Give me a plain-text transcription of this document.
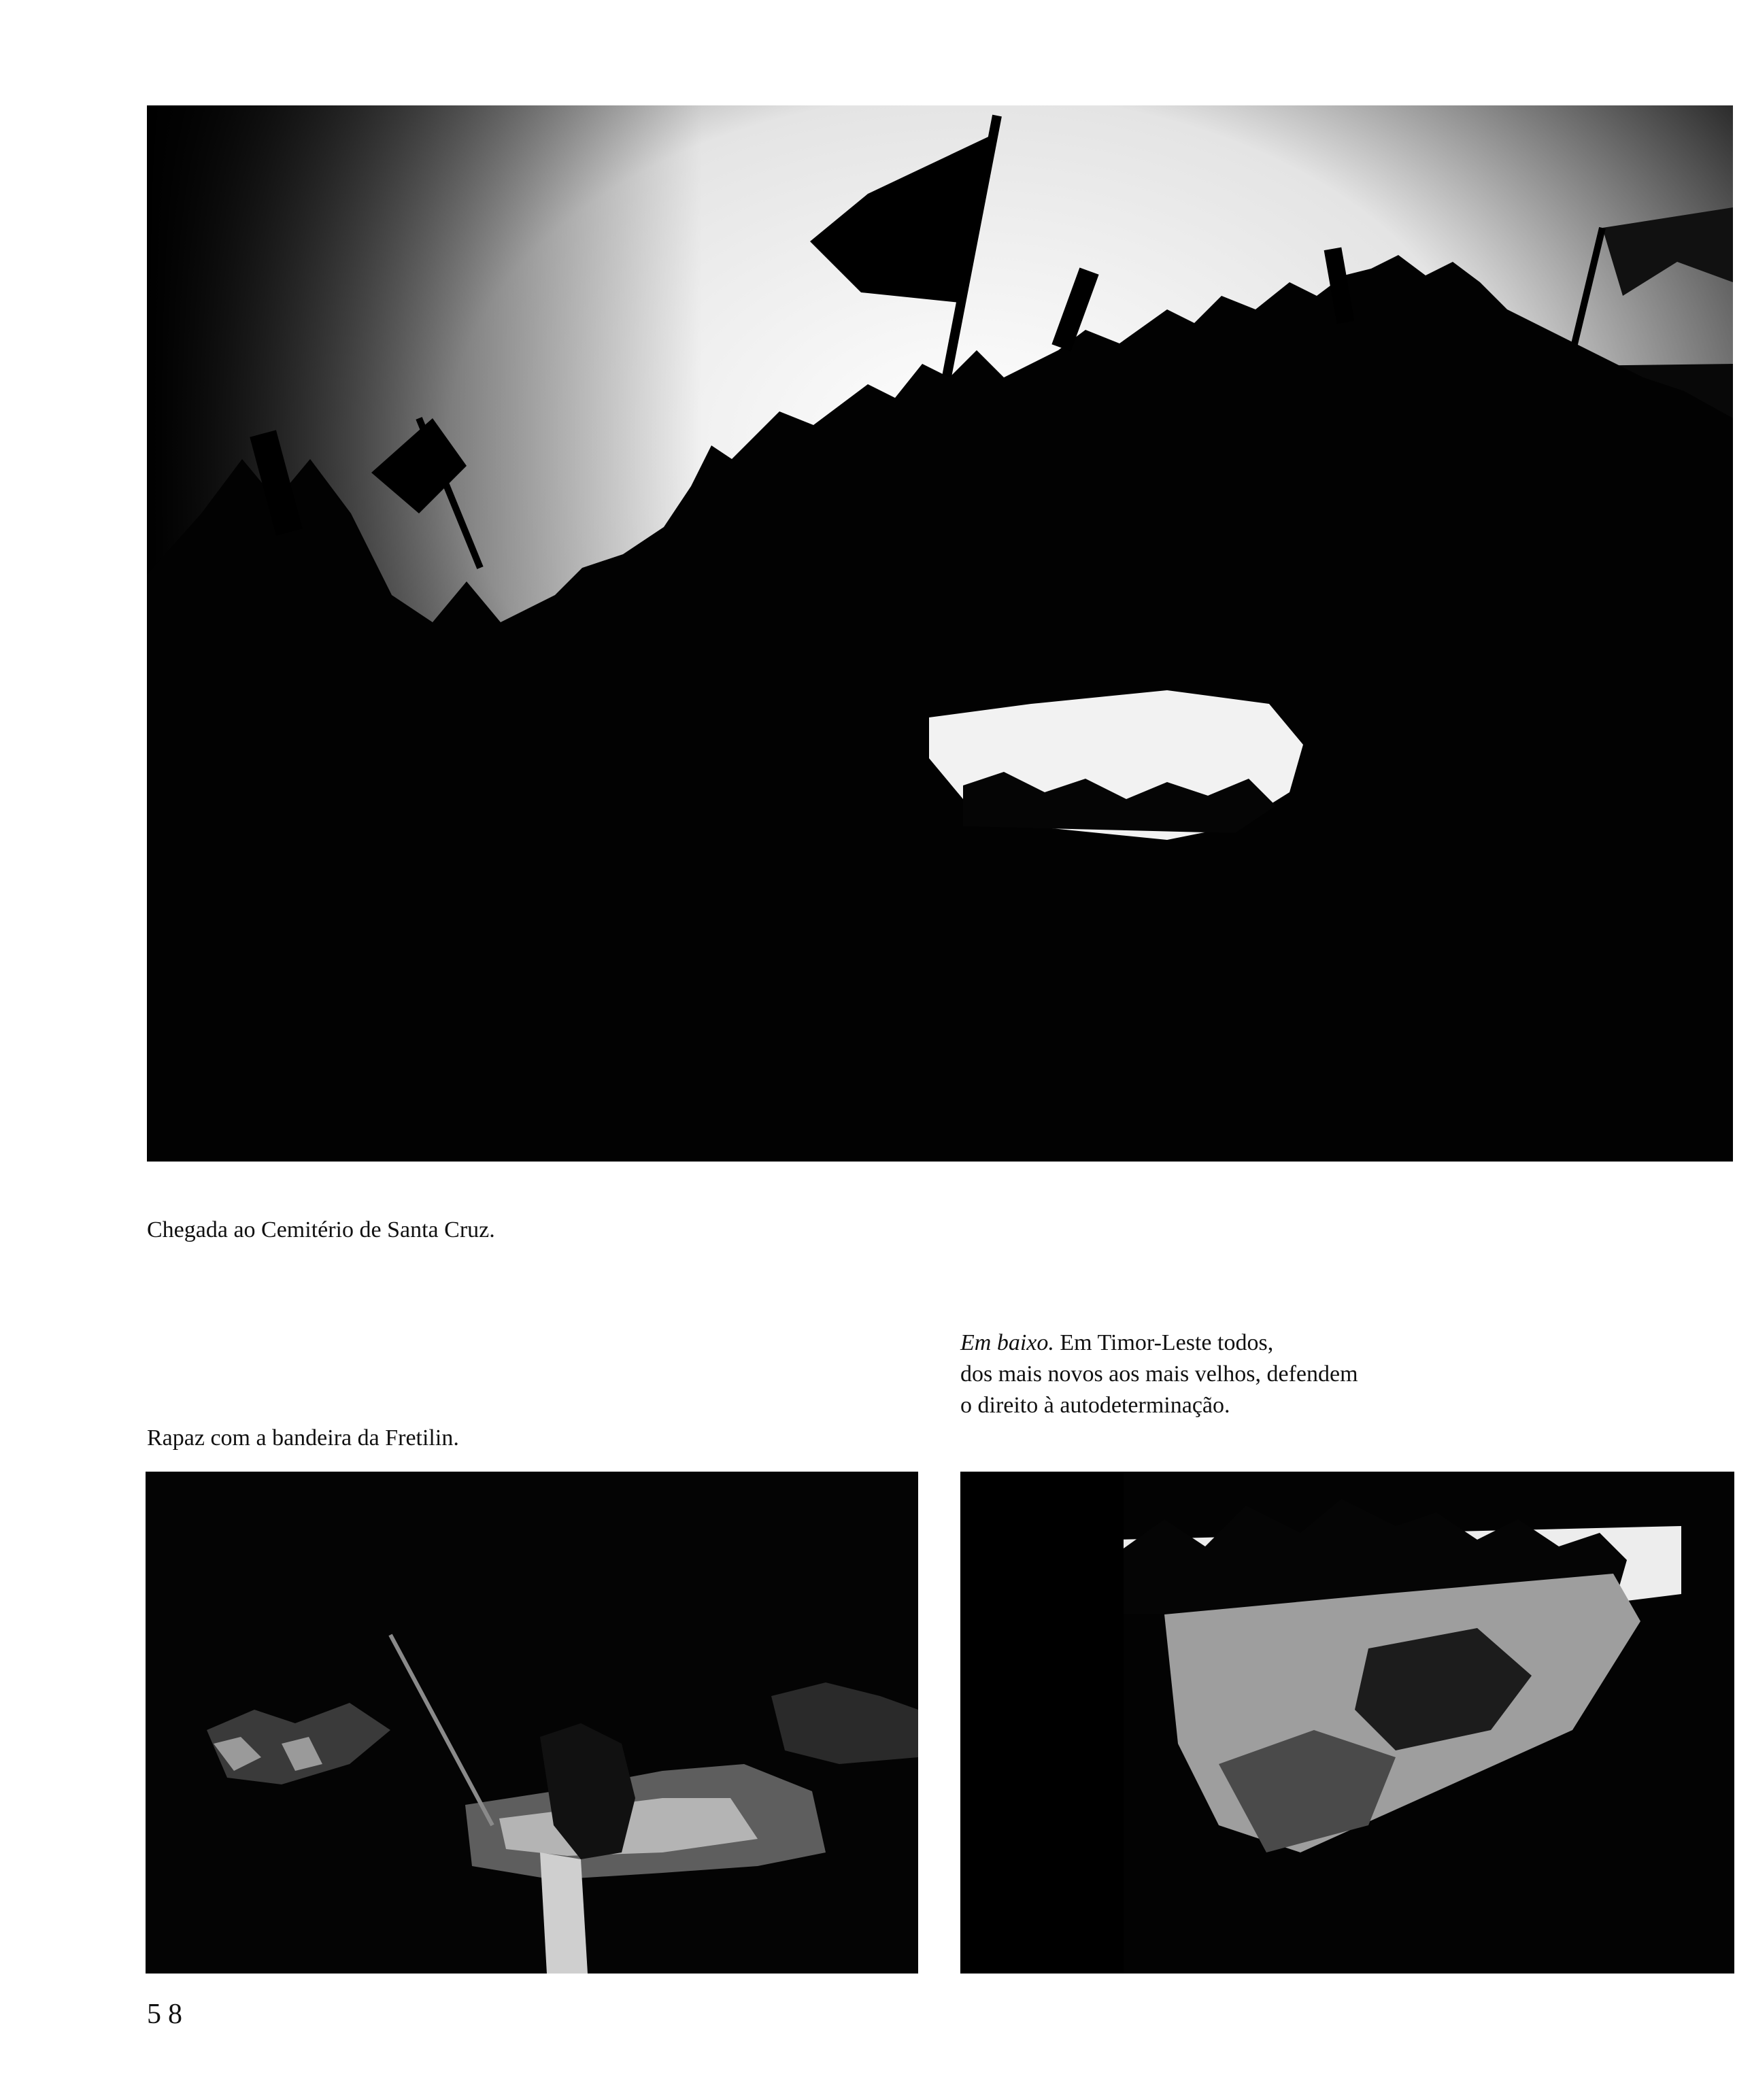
Chegada ao Cemitério de Santa Cruz.

Rapaz com a bandeira da Fretilin.

Em baixo. Em Timor-Leste todos,
dos mais novos aos mais velhos, defendem
o direito à autodeterminação.
58
